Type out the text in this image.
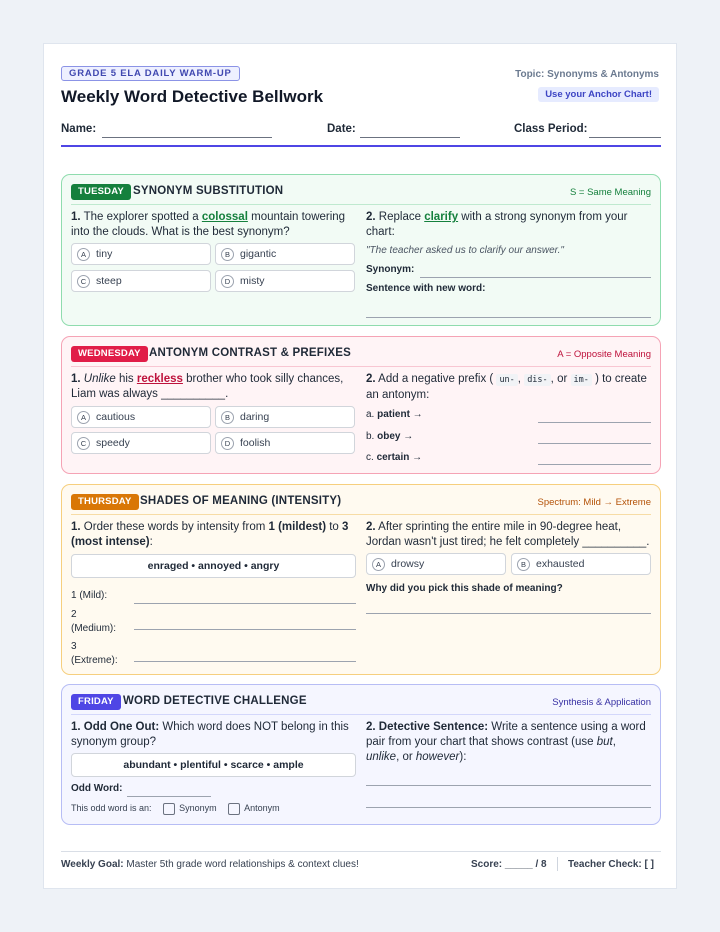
GRADE 5 ELA DAILY WARM-UP
Weekly Word Detective Bellwork
Topic: Synonyms & Antonyms
Use your Anchor Chart!
Name:	Date:	Class Period:
TUESDAY SYNONYM SUBSTITUTION	S = Same Meaning
1. The explorer spotted a colossal mountain towering into the clouds. What is the best synonym?
A tiny	B gigantic
C steep	D misty
2. Replace clarify with a strong synonym from your chart:
"The teacher asked us to clarify our answer."
Synonym:
Sentence with new word:
WEDNESDAY ANTONYM CONTRAST & PREFIXES	A = Opposite Meaning
1. Unlike his reckless brother who took silly chances, Liam was always __________.
A cautious	B daring
C speedy	D foolish
2. Add a negative prefix ( un- , dis- , or im- ) to create an antonym:
a. patient →
b. obey →
c. certain →
THURSDAY SHADES OF MEANING (INTENSITY)	Spectrum: Mild → Extreme
1. Order these words by intensity from 1 (mildest) to 3 (most intense):
enraged • annoyed • angry
1 (Mild):
2
(Medium):
3
(Extreme):
2. After sprinting the entire mile in 90-degree heat, Jordan wasn't just tired; he felt completely __________.
A drowsy	B exhausted
Why did you pick this shade of meaning?
FRIDAY WORD DETECTIVE CHALLENGE	Synthesis & Application
1. Odd One Out: Which word does NOT belong in this synonym group?
abundant • plentiful • scarce • ample
Odd Word:
This odd word is an:	Synonym	Antonym
2. Detective Sentence: Write a sentence using a word pair from your chart that shows contrast (use but, unlike, or however):
Weekly Goal: Master 5th grade word relationships & context clues!	Score: _____ / 8 Teacher Check: [ ]
